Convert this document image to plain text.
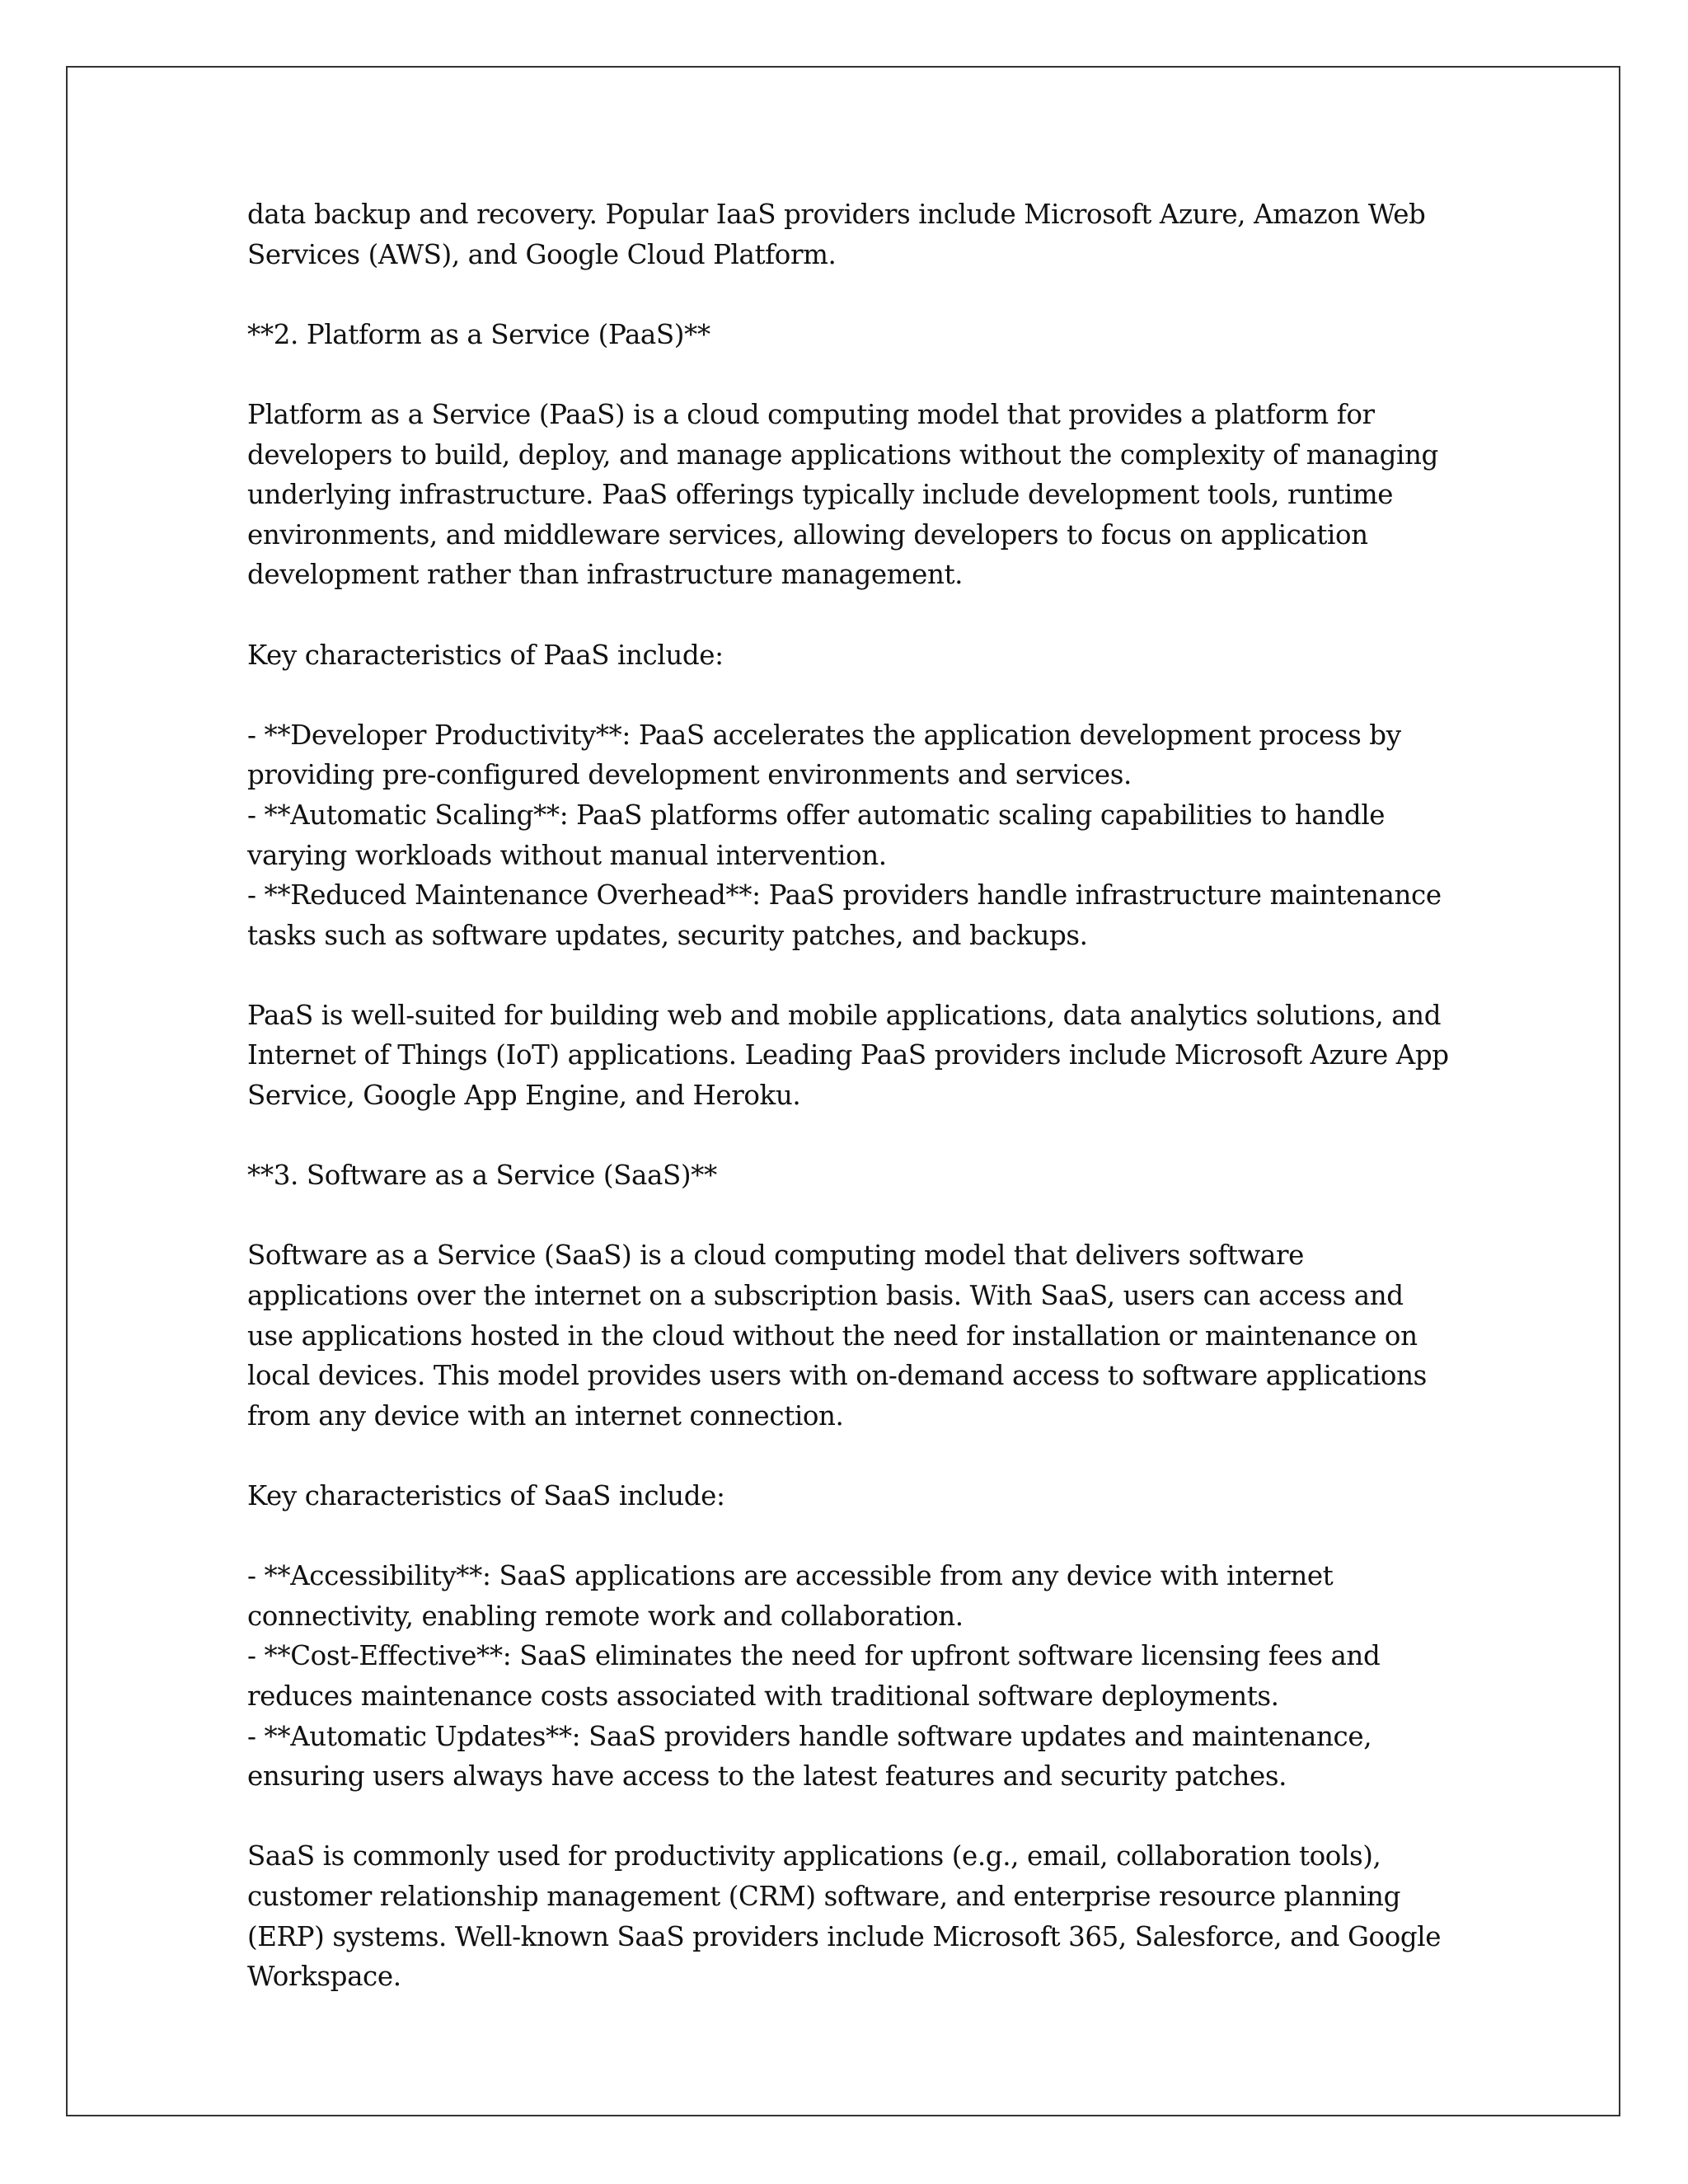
data backup and recovery. Popular IaaS providers include Microsoft Azure, Amazon Web Services (AWS), and Google Cloud Platform.

**2. Platform as a Service (PaaS)**

Platform as a Service (PaaS) is a cloud computing model that provides a platform for developers to build, deploy, and manage applications without the complexity of managing underlying infrastructure. PaaS offerings typically include development tools, runtime environments, and middleware services, allowing developers to focus on application development rather than infrastructure management.

Key characteristics of PaaS include:

- **Developer Productivity**: PaaS accelerates the application development process by providing pre-configured development environments and services.

- **Automatic Scaling**: PaaS platforms offer automatic scaling capabilities to handle varying workloads without manual intervention.

- **Reduced Maintenance Overhead**: PaaS providers handle infrastructure maintenance tasks such as software updates, security patches, and backups.

PaaS is well-suited for building web and mobile applications, data analytics solutions, and Internet of Things (IoT) applications. Leading PaaS providers include Microsoft Azure App Service, Google App Engine, and Heroku.

**3. Software as a Service (SaaS)**

Software as a Service (SaaS) is a cloud computing model that delivers software applications over the internet on a subscription basis. With SaaS, users can access and use applications hosted in the cloud without the need for installation or maintenance on local devices. This model provides users with on-demand access to software applications from any device with an internet connection.

Key characteristics of SaaS include:

- **Accessibility**: SaaS applications are accessible from any device with internet connectivity, enabling remote work and collaboration.

- **Cost-Effective**: SaaS eliminates the need for upfront software licensing fees and reduces maintenance costs associated with traditional software deployments.

- **Automatic Updates**: SaaS providers handle software updates and maintenance, ensuring users always have access to the latest features and security patches.

SaaS is commonly used for productivity applications (e.g., email, collaboration tools), customer relationship management (CRM) software, and enterprise resource planning (ERP) systems. Well-known SaaS providers include Microsoft 365, Salesforce, and Google Workspace.
